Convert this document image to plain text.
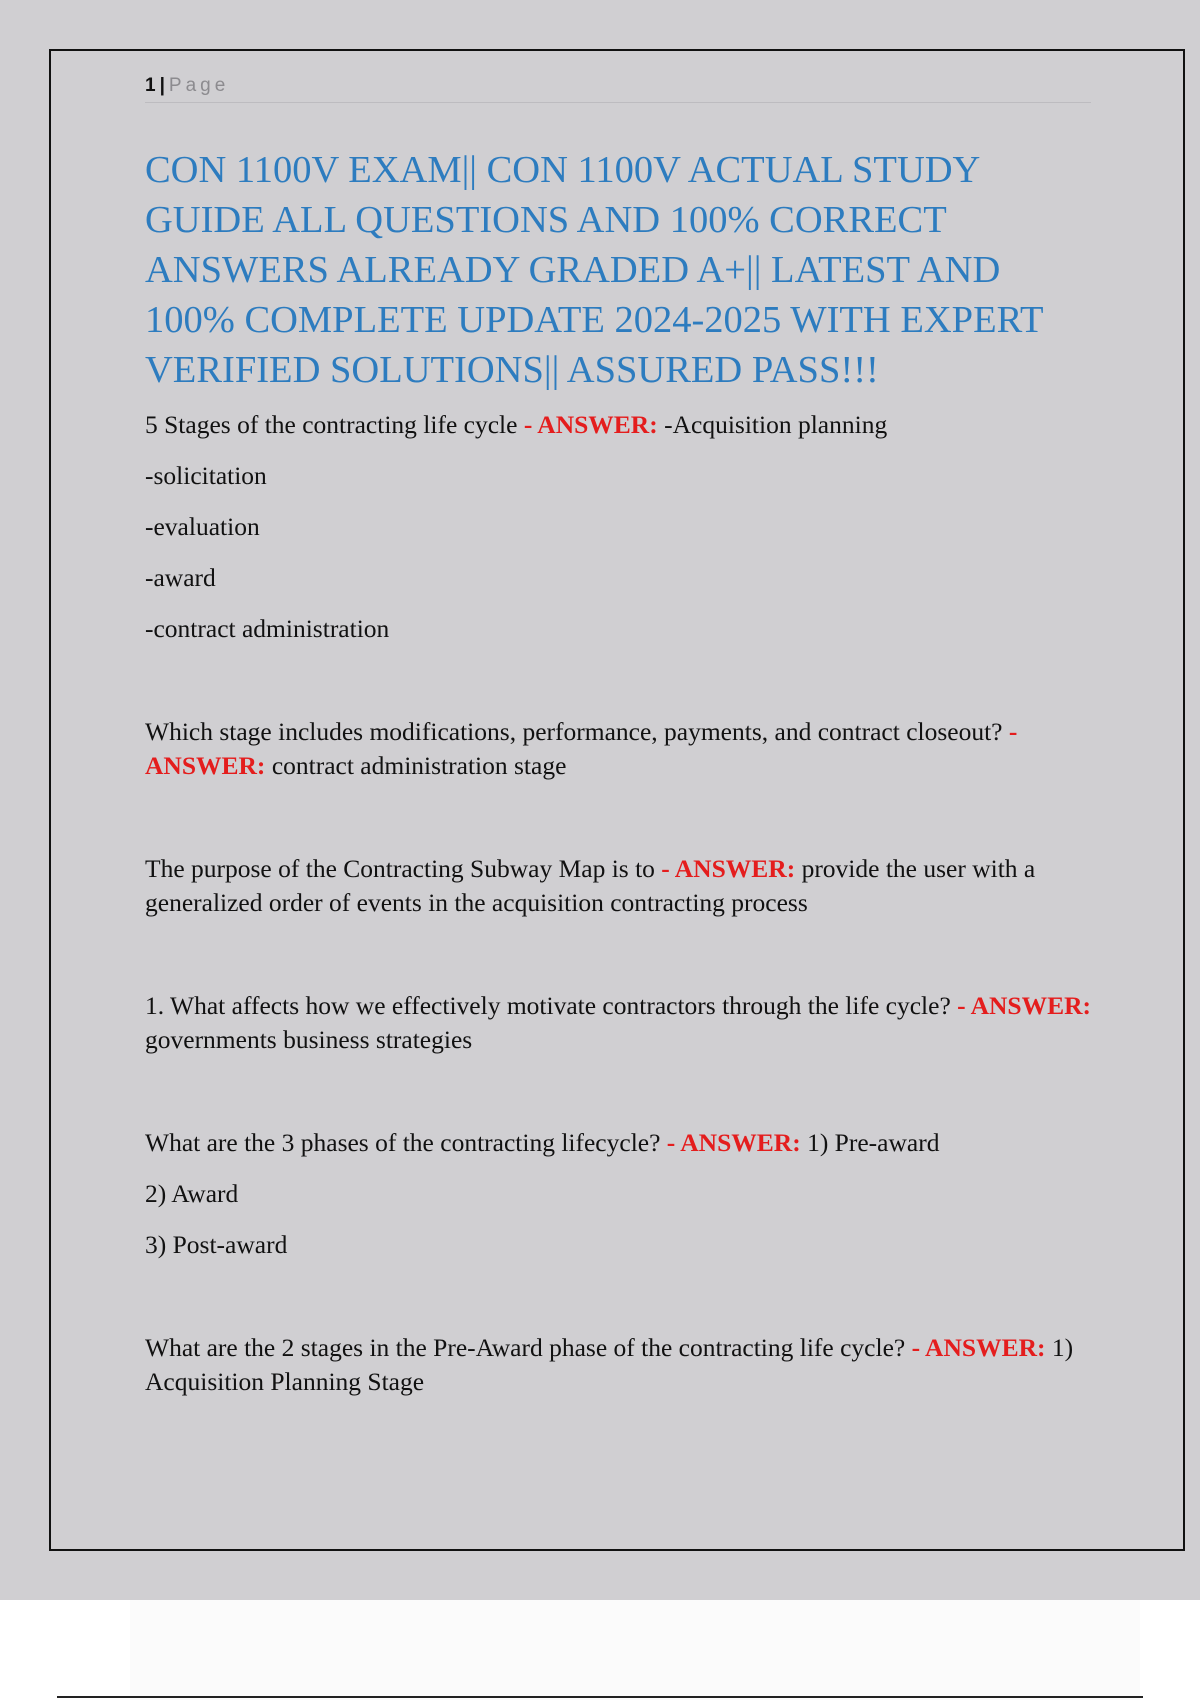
1 | Page
CON 1100V EXAM|| CON 1100V ACTUAL STUDY GUIDE ALL QUESTIONS AND 100% CORRECT ANSWERS ALREADY GRADED A+|| LATEST AND 100% COMPLETE UPDATE 2024-2025 WITH EXPERT VERIFIED SOLUTIONS|| ASSURED PASS!!!

5 Stages of the contracting life cycle - ANSWER: -Acquisition planning

-solicitation

-evaluation

-award

-contract administration

Which stage includes modifications, performance, payments, and contract closeout? - ANSWER: contract administration stage

The purpose of the Contracting Subway Map is to - ANSWER: provide the user with a generalized order of events in the acquisition contracting process

1. What affects how we effectively motivate contractors through the life cycle? - ANSWER: governments business strategies

What are the 3 phases of the contracting lifecycle? - ANSWER: 1) Pre-award

2) Award

3) Post-award

What are the 2 stages in the Pre-Award phase of the contracting life cycle? - ANSWER: 1) Acquisition Planning Stage
